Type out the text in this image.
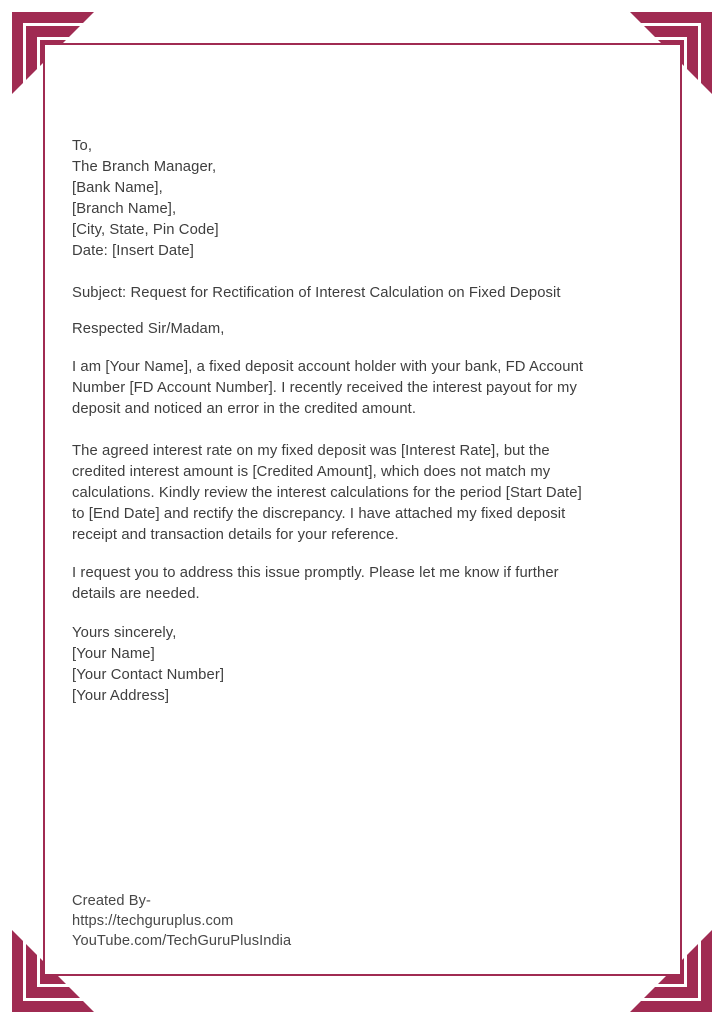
To,
The Branch Manager,
[Bank Name],
[Branch Name],
[City, State, Pin Code]
Date: [Insert Date]
Subject: Request for Rectification of Interest Calculation on Fixed Deposit
Respected Sir/Madam,
I am [Your Name], a fixed deposit account holder with your bank, FD Account
Number [FD Account Number]. I recently received the interest payout for my
deposit and noticed an error in the credited amount.
The agreed interest rate on my fixed deposit was [Interest Rate], but the
credited interest amount is [Credited Amount], which does not match my
calculations. Kindly review the interest calculations for the period [Start Date]
to [End Date] and rectify the discrepancy. I have attached my fixed deposit
receipt and transaction details for your reference.
I request you to address this issue promptly. Please let me know if further
details are needed.
Yours sincerely,
[Your Name]
[Your Contact Number]
[Your Address]
Created By-
https://techguruplus.com
YouTube.com/TechGuruPlusIndia
